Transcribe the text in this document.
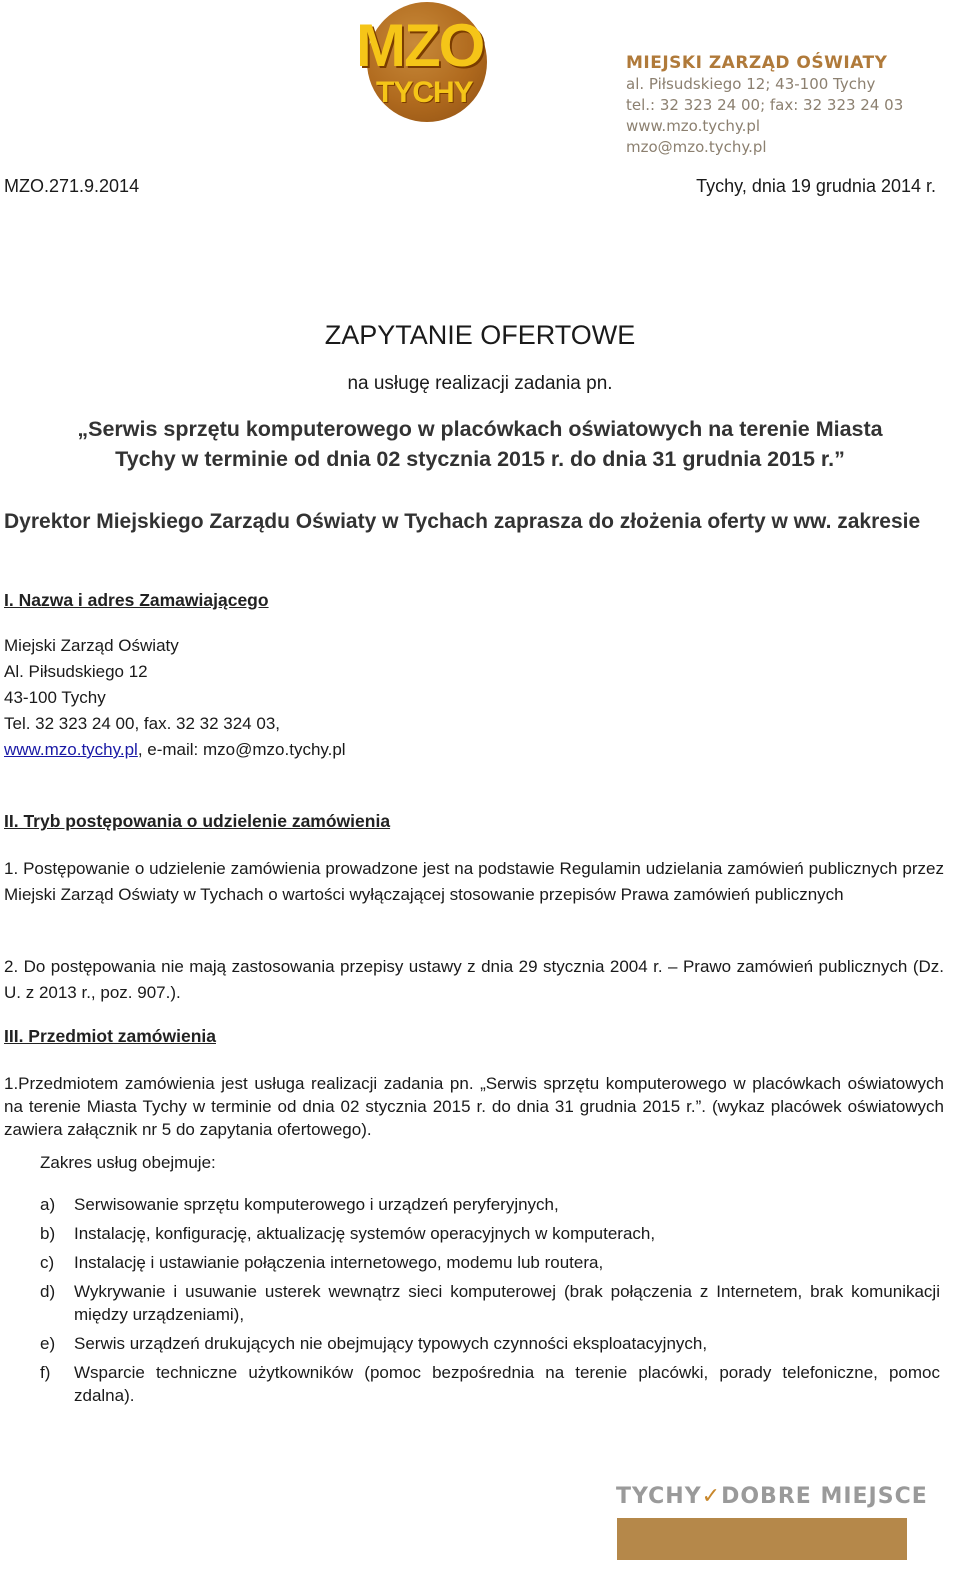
MZO
TYCHY
MIEJSKI ZARZĄD OŚWIATY
al. Piłsudskiego 12; 43-100 Tychy
tel.: 32 323 24 00; fax: 32 323 24 03
www.mzo.tychy.pl
mzo@mzo.tychy.pl
MZO.271.9.2014	Tychy, dnia 19 grudnia 2014 r.
ZAPYTANIE OFERTOWE
na usługę realizacji zadania pn.
„Serwis sprzętu komputerowego w placówkach oświatowych na terenie Miasta
Tychy w terminie od dnia 02 stycznia 2015 r. do dnia 31 grudnia 2015 r.”
Dyrektor Miejskiego Zarządu Oświaty w Tychach zaprasza do złożenia oferty w ww. zakresie
I. Nazwa i adres Zamawiającego
Miejski Zarząd Oświaty
Al. Piłsudskiego 12
43-100 Tychy
Tel. 32 323 24 00, fax. 32 32 324 03,
www.mzo.tychy.pl, e-mail: mzo@mzo.tychy.pl
II. Tryb postępowania o udzielenie zamówienia
1. Postępowanie o udzielenie zamówienia prowadzone jest na podstawie Regulamin udzielania zamówień publicznych przez Miejski Zarząd Oświaty w Tychach o wartości wyłączającej stosowanie przepisów Prawa zamówień publicznych
2. Do postępowania nie mają zastosowania przepisy ustawy z dnia 29 stycznia 2004 r. – Prawo zamówień publicznych (Dz. U. z 2013 r., poz. 907.).
III. Przedmiot zamówienia
1.Przedmiotem zamówienia jest usługa realizacji zadania pn. „Serwis sprzętu komputerowego w placówkach oświatowych na terenie Miasta Tychy w terminie od dnia 02 stycznia 2015 r. do dnia 31 grudnia 2015 r.”. (wykaz placówek oświatowych zawiera załącznik nr 5 do zapytania ofertowego).
Zakres usług obejmuje:
a)	Serwisowanie sprzętu komputerowego i urządzeń peryferyjnych,
b)	Instalację, konfigurację, aktualizację systemów operacyjnych w komputerach,
c)	Instalację i ustawianie połączenia internetowego, modemu lub routera,
d)	Wykrywanie i usuwanie usterek wewnątrz sieci komputerowej (brak połączenia z Internetem, brak komunikacji między urządzeniami),
e)	Serwis urządzeń drukujących nie obejmujący typowych czynności eksploatacyjnych,
f)	Wsparcie techniczne użytkowników (pomoc bezpośrednia na terenie placówki, porady telefoniczne, pomoc zdalna).
TYCHY✓DOBRE MIEJSCE
